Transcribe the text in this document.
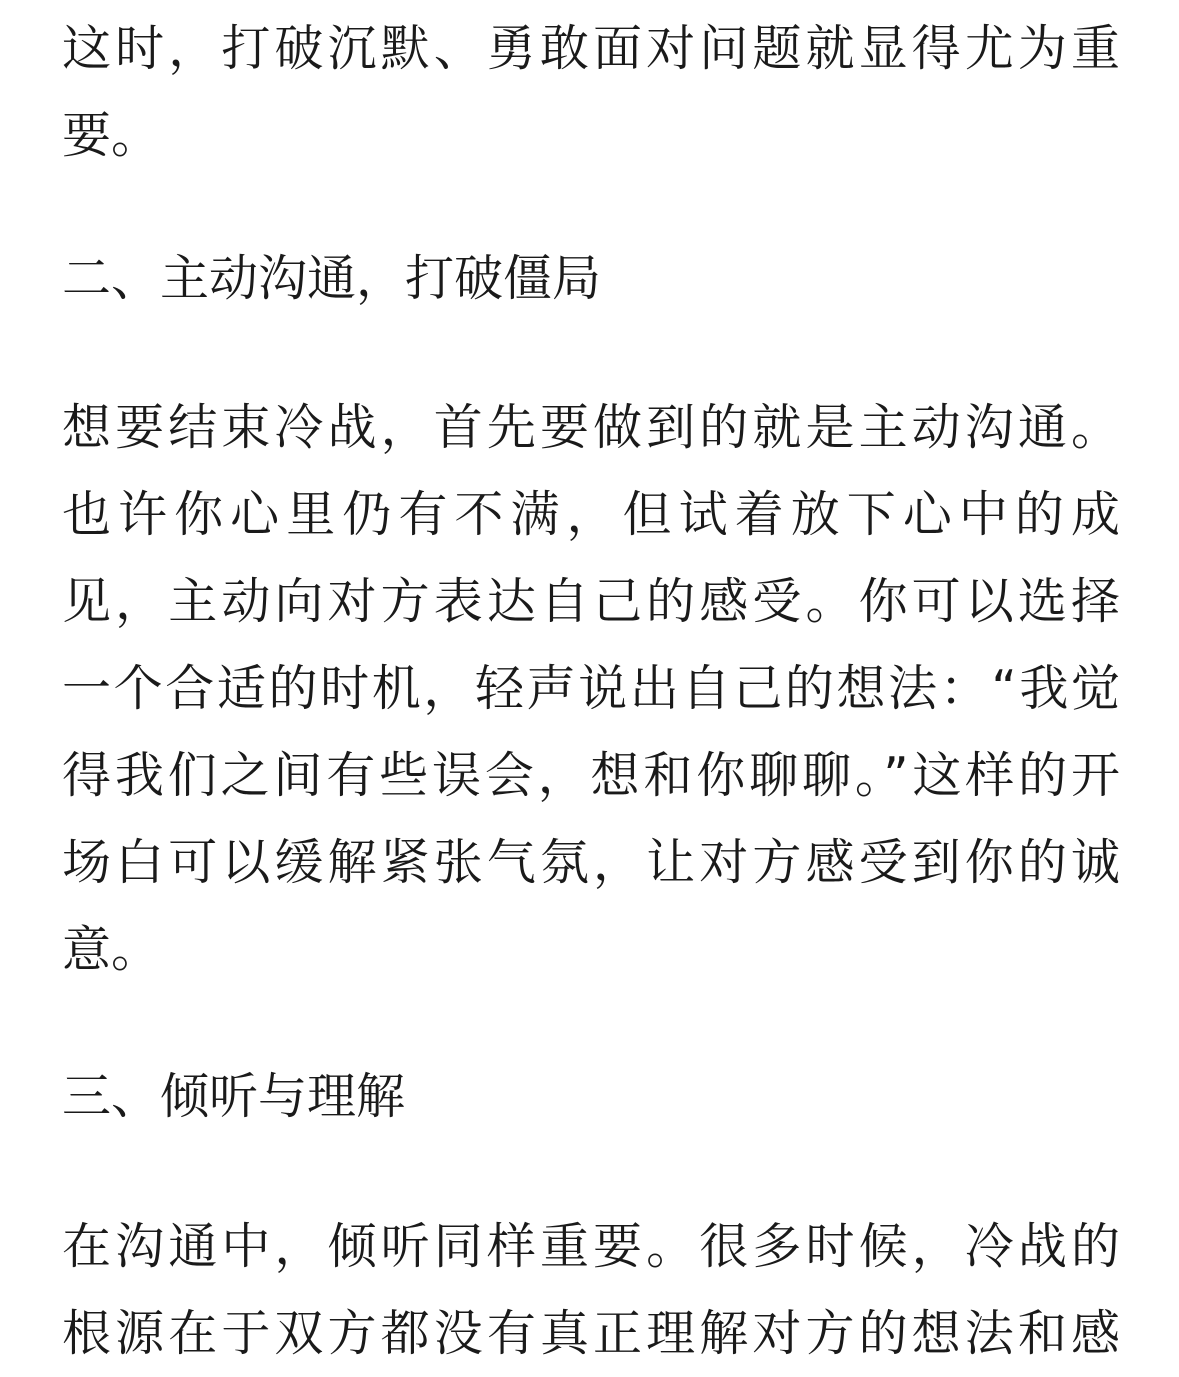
这时，打破沉默、勇敢面对问题就显得尤为重
要。
二、主动沟通，打破僵局
想要结束冷战，首先要做到的就是主动沟通。
也许你心里仍有不满，但试着放下心中的成
见，主动向对方表达自己的感受。你可以选择
一个合适的时机，轻声说出自己的想法：“我觉
得我们之间有些误会，想和你聊聊。”这样的开
场白可以缓解紧张气氛，让对方感受到你的诚
意。
三、倾听与理解
在沟通中，倾听同样重要。很多时候，冷战的
根源在于双方都没有真正理解对方的想法和感
